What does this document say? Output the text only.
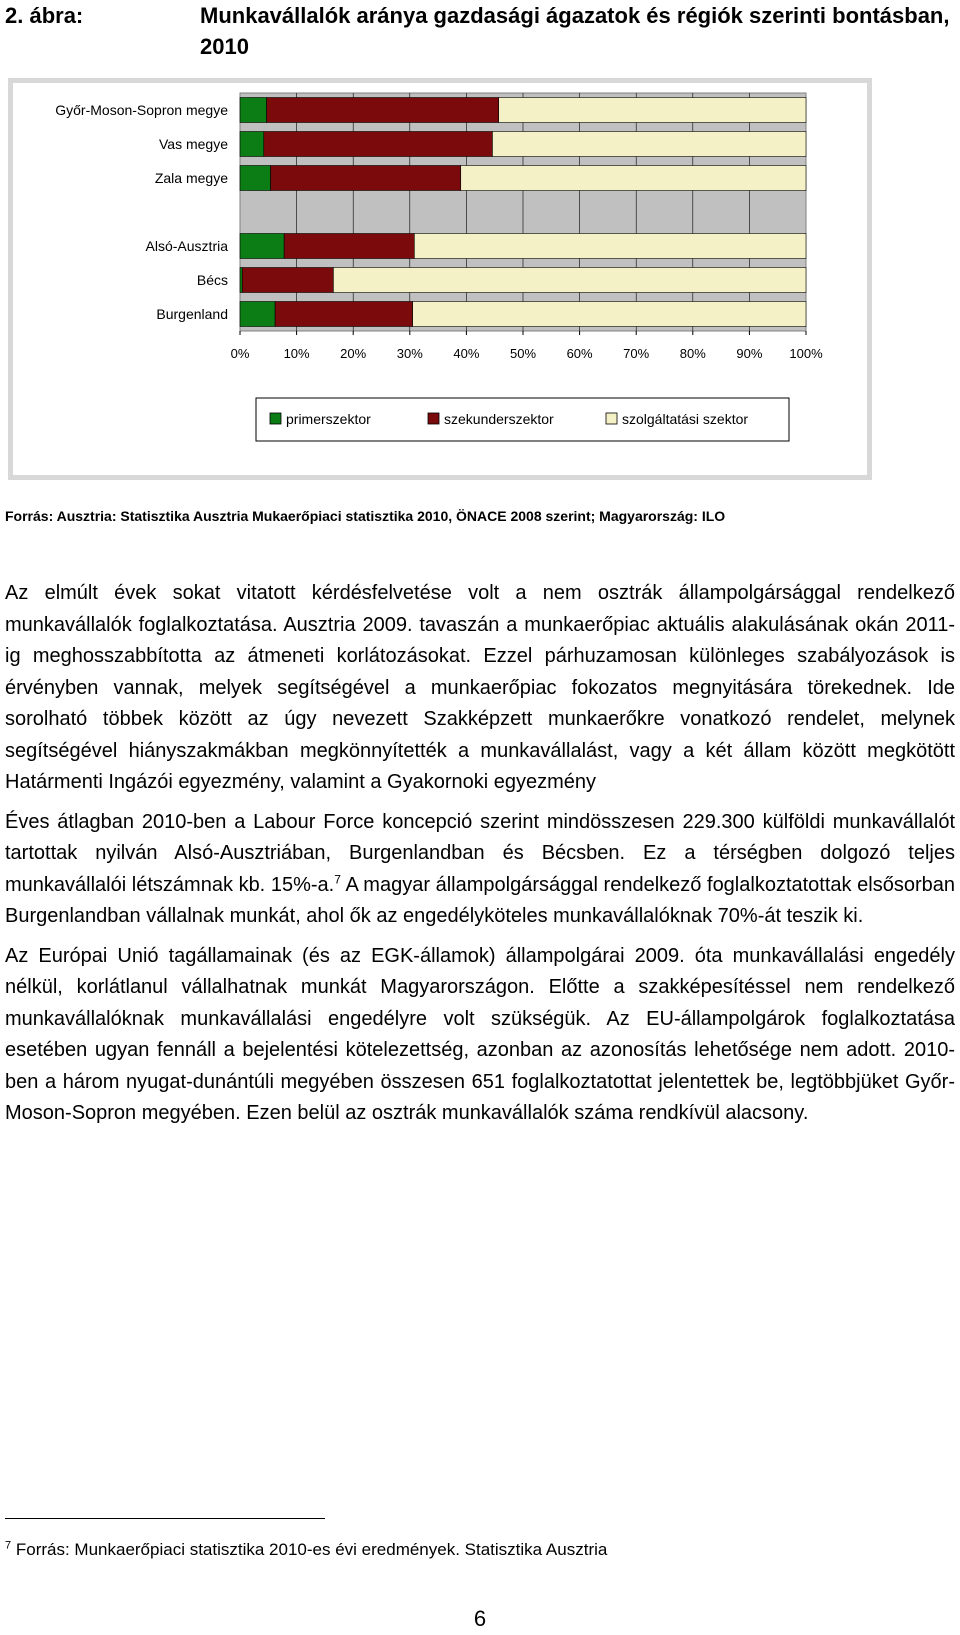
2. ábra:	Munkavállalók aránya gazdasági ágazatok és régiók szerinti bontásban, 2010
Győr-Moson-Sopron megye
Vas megye
Zala megye
Alsó-Ausztria
Bécs
Burgenland
0%	10% 20% 30% 40% 50% 60% 70% 80% 90% 100%
primerszektor	szekunderszektor	szolgáltatási szektor
Forrás: Ausztria: Statisztika Ausztria Mukaerőpiaci statisztika 2010, ÖNACE 2008 szerint; Magyarország: ILO

Az elmúlt évek sokat vitatott kérdésfelvetése volt a nem osztrák állampolgársággal rendelkező munkavállalók foglalkoztatása. Ausztria 2009. tavaszán a munkaerőpiac aktuális alakulásának okán 2011-ig meghosszabbította az átmeneti korlátozásokat. Ezzel párhuzamosan különleges szabályozások is érvényben vannak, melyek segítségével a munkaerőpiac fokozatos megnyitására törekednek. Ide sorolható többek között az úgy nevezett Szakképzett munkaerőkre vonatkozó rendelet, melynek segítségével hiányszakmákban megkönnyítették a munkavállalást, vagy a két állam között megkötött Határmenti Ingázói egyezmény, valamint a Gyakornoki egyezmény

Éves átlagban 2010-ben a Labour Force koncepció szerint mindösszesen 229.300 külföldi munkavállalót tartottak nyilván Alsó-Ausztriában, Burgenlandban és Bécsben. Ez a térségben dolgozó teljes munkavállalói létszámnak kb. 15%-a.$^7$ A magyar állampolgársággal rendelkező foglalkoztatottak elsősorban Burgenlandban vállalnak munkát, ahol ők az engedélyköteles munkavállalóknak 70%-át teszik ki.

Az Európai Unió tagállamainak (és az EGK-államok) állampolgárai 2009. óta munkavállalási engedély nélkül, korlátlanul vállalhatnak munkát Magyarországon. Előtte a szakképesítéssel nem rendelkező munkavállalóknak munkavállalási engedélyre volt szükségük. Az EU-állampolgárok foglalkoztatása esetében ugyan fennáll a bejelentési kötelezettség, azonban az azonosítás lehetősége nem adott. 2010-ben a három nyugat-dunántúli megyében összesen 651 foglalkoztatottat jelentettek be, legtöbbjüket Győr-Moson-Sopron megyében. Ezen belül az osztrák munkavállalók száma rendkívül alacsony.

$^7$ Forrás: Munkaerőpiaci statisztika 2010-es évi eredmények. Statisztika Ausztria
6
